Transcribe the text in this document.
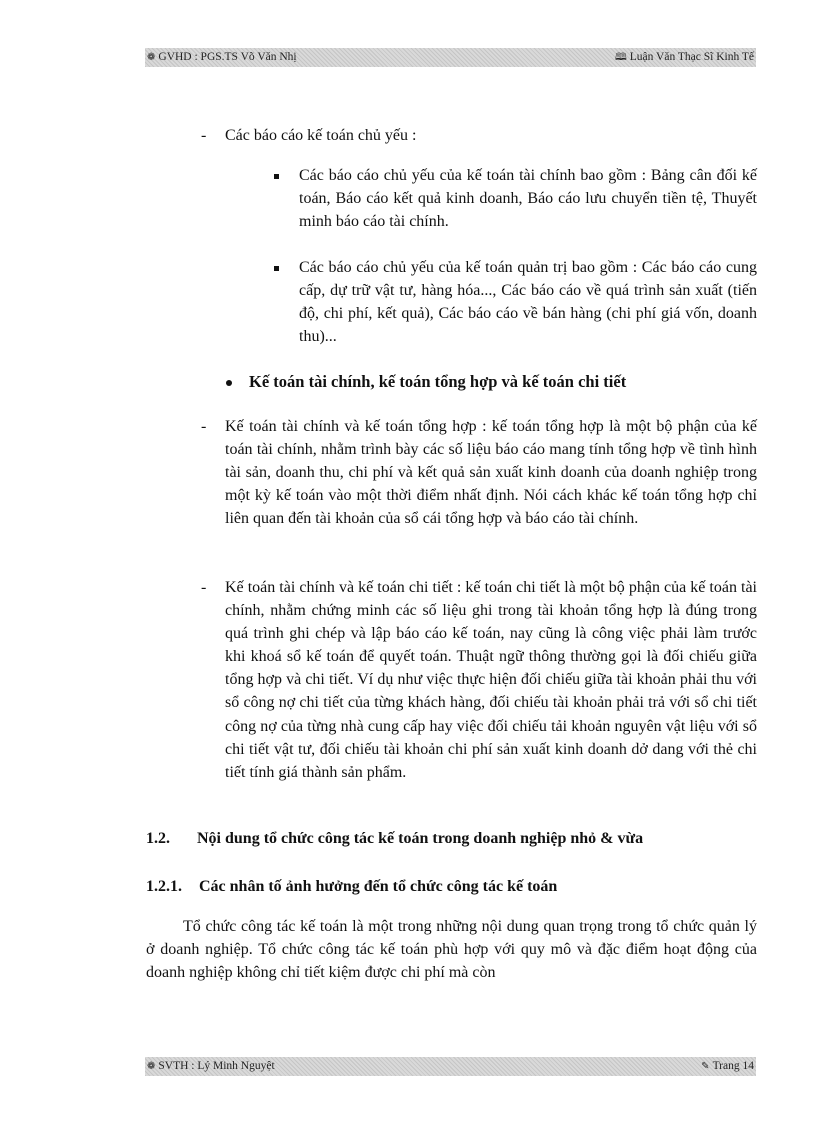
❁ GVHD : PGS.TS Võ Văn Nhị	🕮 Luận Văn Thạc Sĩ Kinh Tế
- Các báo cáo kế toán chủ yếu :

Các báo cáo chủ yếu của kế toán tài chính bao gồm : Bảng cân đối kế toán, Báo cáo kết quả kinh doanh, Báo cáo lưu chuyển tiền tệ, Thuyết minh báo cáo tài chính.

Các báo cáo chủ yếu của kế toán quản trị bao gồm : Các báo cáo cung cấp, dự trữ vật tư, hàng hóa..., Các báo cáo về quá trình sản xuất (tiến độ, chi phí, kết quả), Các báo cáo về bán hàng (chi phí giá vốn, doanh thu)...

Kế toán tài chính, kế toán tổng hợp và kế toán chi tiết

- Kế toán tài chính và kế toán tổng hợp : kế toán tổng hợp là một bộ phận của kế toán tài chính, nhằm trình bày các số liệu báo cáo mang tính tổng hợp về tình hình tài sản, doanh thu, chi phí và kết quả sản xuất kinh doanh của doanh nghiệp trong một kỳ kế toán vào một thời điểm nhất định. Nói cách khác kế toán tổng hợp chỉ liên quan đến tài khoản của sổ cái tổng hợp và báo cáo tài chính.

- Kế toán tài chính và kế toán chi tiết : kế toán chi tiết là một bộ phận của kế toán tài chính, nhằm chứng minh các số liệu ghi trong tài khoản tổng hợp là đúng trong quá trình ghi chép và lập báo cáo kế toán, nay cũng là công việc phải làm trước khi khoá sổ kế toán để quyết toán. Thuật ngữ thông thường gọi là đối chiếu giữa tổng hợp và chi tiết. Ví dụ như việc thực hiện đối chiếu giữa tài khoản phải thu với sổ công nợ chi tiết của từng khách hàng, đối chiếu tài khoản phải trả với sổ chi tiết công nợ của từng nhà cung cấp hay việc đối chiếu tải khoản nguyên vật liệu với sổ chi tiết vật tư, đối chiếu tài khoản chi phí sản xuất kinh doanh dở dang với thẻ chi tiết tính giá thành sản phẩm.

1.2. Nội dung tổ chức công tác kế toán trong doanh nghiệp nhỏ & vừa

1.2.1. Các nhân tố ảnh hưởng đến tổ chức công tác kế toán

Tổ chức công tác kế toán là một trong những nội dung quan trọng trong tổ chức quản lý ở doanh nghiệp. Tổ chức công tác kế toán phù hợp với quy mô và đặc điểm hoạt động của doanh nghiệp không chỉ tiết kiệm được chi phí mà còn

❁ SVTH : Lý Minh Nguyệt	✎ Trang 14
